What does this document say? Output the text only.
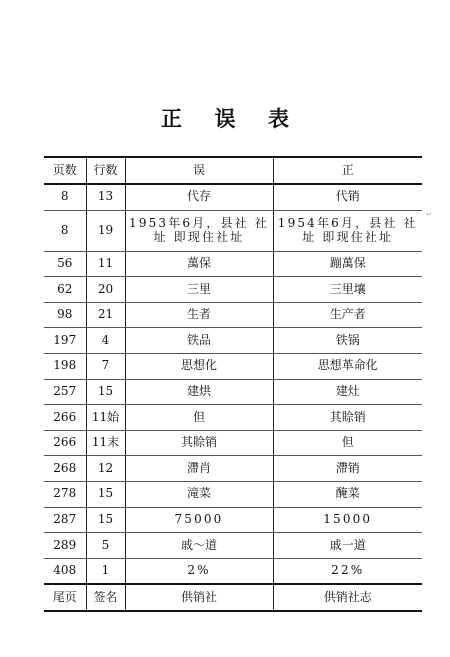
正 误 表
页数	行数	误	正
8	13	代存	代销
8	19	1953年6月，县社 社址 即现住社址	1954年6月，县社 社址 即现住社址
56	11	萬保	蹦萬保
62	20	三里	三里壤
98	21	生者	生产者
197	4	铁品	铁锅
198	7	思想化	思想革命化
257	15	建烘	建灶
266	11始	但	其賒销
266	11末	其賒销	但
268	12	滯肖	滯销
278	15	滝菜	醃菜
287	15	75000	15000
289	5	戚～道	戚一道
408	1	2%	22%
尾页	签名	供销社	供销社志
-·
